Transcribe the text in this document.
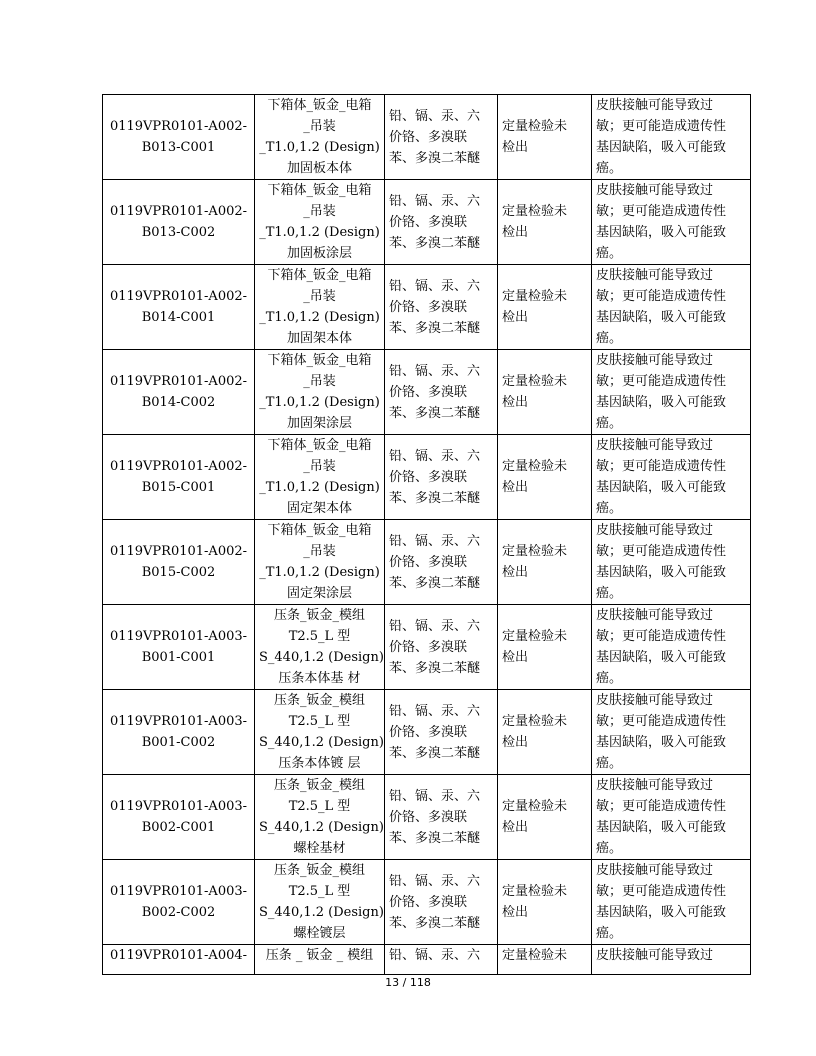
0119VPR0101-A002-
B013-C001	下箱体_钣金_电箱
_吊装
_T1.0,1.2 (Design)
加固板本体	铅、镉、汞、六
价铬、多溴联
苯、多溴二苯醚	定量检验未
检出	皮肤接触可能导致过
敏；更可能造成遗传性
基因缺陷，吸入可能致
癌。

0119VPR0101-A002-
B013-C002	下箱体_钣金_电箱
_吊装
_T1.0,1.2 (Design)
加固板涂层	铅、镉、汞、六
价铬、多溴联
苯、多溴二苯醚	定量检验未
检出	皮肤接触可能导致过
敏；更可能造成遗传性
基因缺陷，吸入可能致
癌。

0119VPR0101-A002-
B014-C001	下箱体_钣金_电箱
_吊装
_T1.0,1.2 (Design)
加固架本体	铅、镉、汞、六
价铬、多溴联
苯、多溴二苯醚	定量检验未
检出	皮肤接触可能导致过
敏；更可能造成遗传性
基因缺陷，吸入可能致
癌。

0119VPR0101-A002-
B014-C002	下箱体_钣金_电箱
_吊装
_T1.0,1.2 (Design)
加固架涂层	铅、镉、汞、六
价铬、多溴联
苯、多溴二苯醚	定量检验未
检出	皮肤接触可能导致过
敏；更可能造成遗传性
基因缺陷，吸入可能致
癌。

0119VPR0101-A002-
B015-C001	下箱体_钣金_电箱
_吊装
_T1.0,1.2 (Design)
固定架本体	铅、镉、汞、六
价铬、多溴联
苯、多溴二苯醚	定量检验未
检出	皮肤接触可能导致过
敏；更可能造成遗传性
基因缺陷，吸入可能致
癌。

0119VPR0101-A002-
B015-C002	下箱体_钣金_电箱
_吊装
_T1.0,1.2 (Design)
固定架涂层	铅、镉、汞、六
价铬、多溴联
苯、多溴二苯醚	定量检验未
检出	皮肤接触可能导致过
敏；更可能造成遗传性
基因缺陷，吸入可能致
癌。

0119VPR0101-A003-
B001-C001	压条_钣金_模组
T2.5_L 型
S_440,1.2 (Design)
压条本体基 材	铅、镉、汞、六
价铬、多溴联
苯、多溴二苯醚	定量检验未
检出	皮肤接触可能导致过
敏；更可能造成遗传性
基因缺陷，吸入可能致
癌。

0119VPR0101-A003-
B001-C002	压条_钣金_模组
T2.5_L 型
S_440,1.2 (Design)
压条本体镀 层	铅、镉、汞、六
价铬、多溴联
苯、多溴二苯醚	定量检验未
检出	皮肤接触可能导致过
敏；更可能造成遗传性
基因缺陷，吸入可能致
癌。

0119VPR0101-A003-
B002-C001	压条_钣金_模组
T2.5_L 型
S_440,1.2 (Design)
螺栓基材	铅、镉、汞、六
价铬、多溴联
苯、多溴二苯醚	定量检验未
检出	皮肤接触可能导致过
敏；更可能造成遗传性
基因缺陷，吸入可能致
癌。

0119VPR0101-A003-
B002-C002	压条_钣金_模组
T2.5_L 型
S_440,1.2 (Design)
螺栓镀层	铅、镉、汞、六
价铬、多溴联
苯、多溴二苯醚	定量检验未
检出	皮肤接触可能导致过
敏；更可能造成遗传性
基因缺陷，吸入可能致
癌。

0119VPR0101-A004-	压条 _ 钣金 _ 模组	铅、镉、汞、六	定量检验未	皮肤接触可能导致过
13 / 118
